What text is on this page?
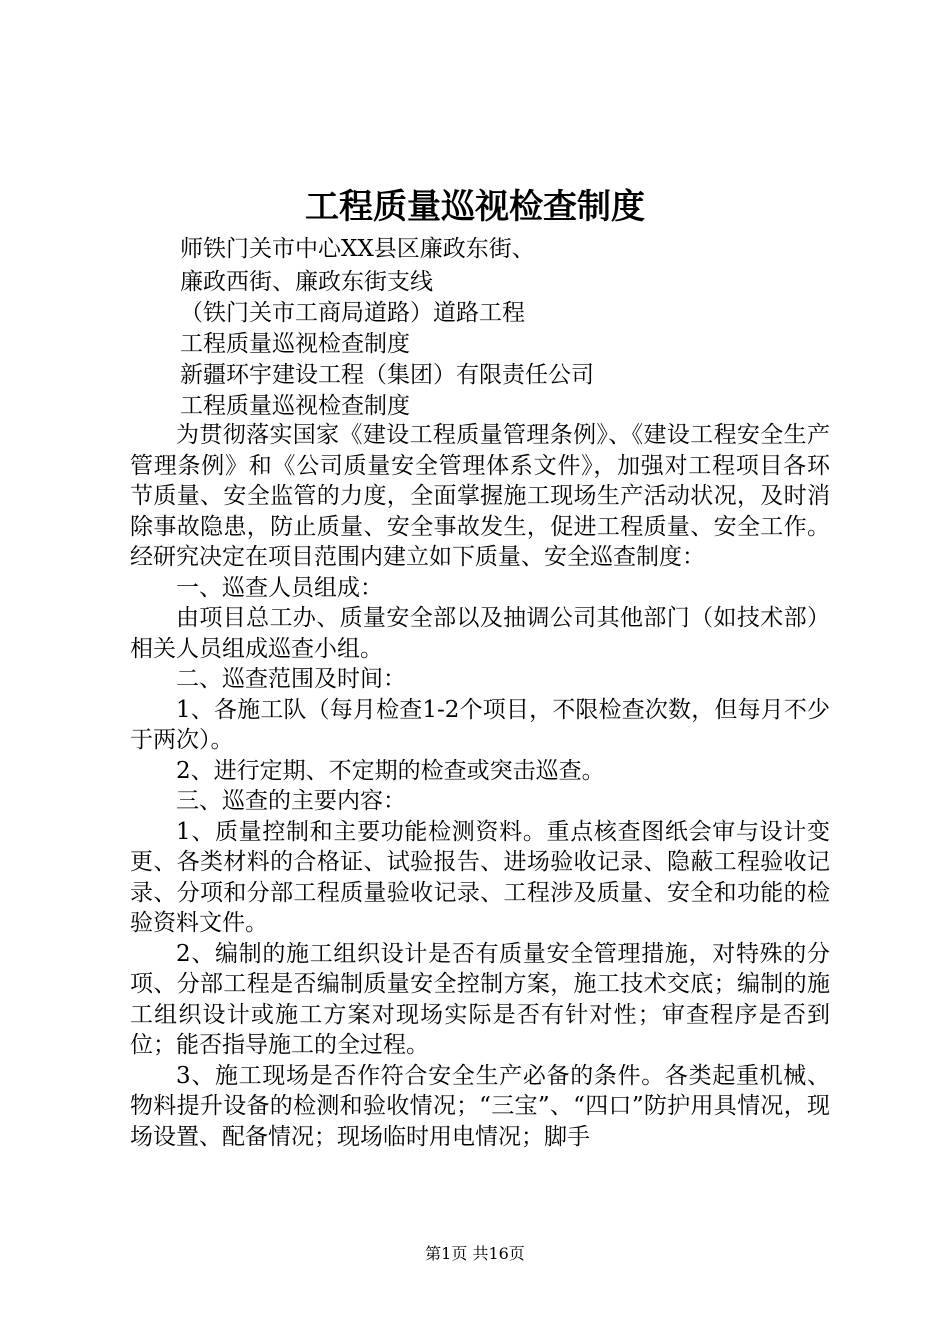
工程质量巡视检查制度

师铁门关市中心XX县区廉政东街、

廉政西街、廉政东街支线

（铁门关市工商局道路）道路工程

工程质量巡视检查制度

新疆环宇建设工程（集团）有限责任公司

工程质量巡视检查制度

为贯彻落实国家《建设工程质量管理条例》、《建设工程安全生产管理条例》和《公司质量安全管理体系文件》，加强对工程项目各环节质量、安全监管的力度，全面掌握施工现场生产活动状况，及时消除事故隐患，防止质量、安全事故发生，促进工程质量、安全工作。经研究决定在项目范围内建立如下质量、安全巡查制度：

一、巡查人员组成：

由项目总工办、质量安全部以及抽调公司其他部门（如技术部）相关人员组成巡查小组。

二、巡查范围及时间：

1、各施工队（每月检查1-2个项目，不限检查次数，但每月不少于两次）。

2、进行定期、不定期的检查或突击巡查。

三、巡查的主要内容：

1、质量控制和主要功能检测资料。重点核查图纸会审与设计变更、各类材料的合格证、试验报告、进场验收记录、隐蔽工程验收记录、分项和分部工程质量验收记录、工程涉及质量、安全和功能的检验资料文件。

2、编制的施工组织设计是否有质量安全管理措施，对特殊的分项、分部工程是否编制质量安全控制方案，施工技术交底；编制的施工组织设计或施工方案对现场实际是否有针对性；审查程序是否到位；能否指导施工的全过程。

3、施工现场是否作符合安全生产必备的条件。各类起重机械、物料提升设备的检测和验收情况；“三宝”、“四口”防护用具情况，现场设置、配备情况；现场临时用电情况；脚手

第1页 共16页
